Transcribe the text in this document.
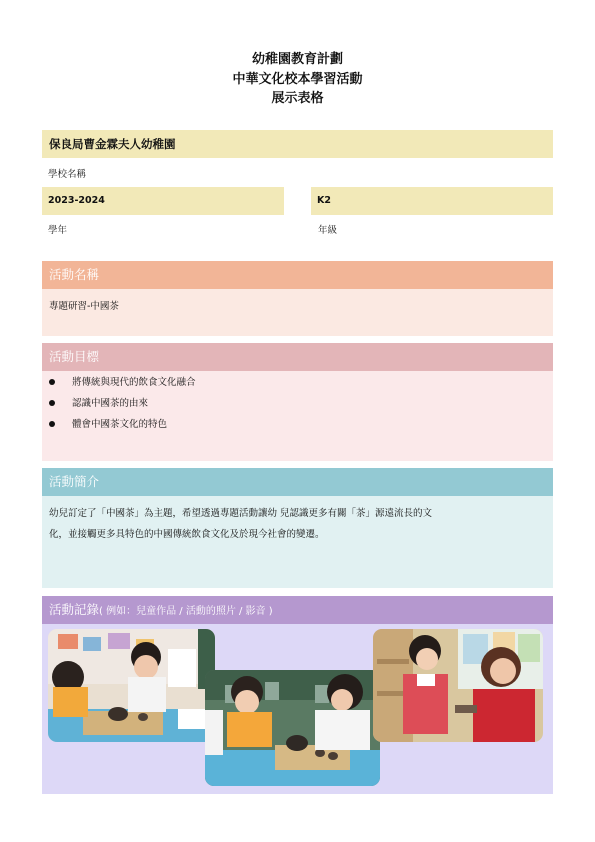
幼稚園教育計劃
中華文化校本學習活動
展示表格
保良局曹金霖夫人幼稚園
學校名稱
2023-2024	K2
學年	年級
活動名稱
專題研習-中國茶
活動目標
將傳統與現代的飲食文化融合
認識中國茶的由來
體會中國茶文化的特色
活動簡介
幼兒訂定了「中國茶」為主題，希望透過專題活動讓幼 兒認識更多有關「茶」源遠流長的文
化，並接觸更多具特色的中國傳統飲食文化及於現今社會的變遷。
活動記錄( 例如：兒童作品 / 活動的照片 / 影音 )
